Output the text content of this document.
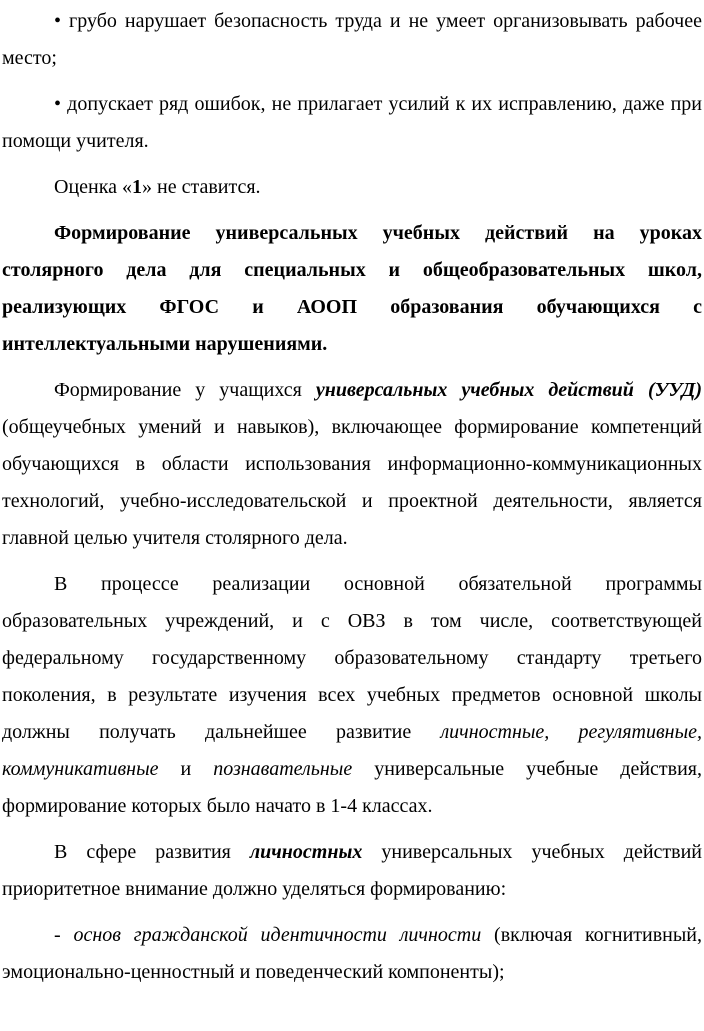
• грубо нарушает безопасность труда и не умеет организовывать рабочее место;

• допускает ряд ошибок, не прилагает усилий к их исправлению, даже при помощи учителя.

Оценка «1» не ставится.

Формирование универсальных учебных действий на уроках столярного дела для специальных и общеобразовательных школ, реализующих ФГОС и АООП образования обучающихся с интеллектуальными нарушениями.

Формирование у учащихся универсальных учебных действий (УУД) (общеучебных умений и навыков), включающее формирование компетенций обучающихся в области использования информационно-коммуникационных технологий, учебно-исследовательской и проектной деятельности, является главной целью учителя столярного дела.

В процессе реализации основной обязательной программы образовательных учреждений, и с ОВЗ в том числе, соответствующей федеральному государственному образовательному стандарту третьего поколения, в результате изучения всех учебных предметов основной школы должны получать дальнейшее развитие личностные, регулятивные, коммуникативные и познавательные универсальные учебные действия, формирование которых было начато в 1-4 классах.

В сфере развития личностных универсальных учебных действий приоритетное внимание должно уделяться формированию:

- основ гражданской идентичности личности (включая когнитивный, эмоционально-ценностный и поведенческий компоненты);
